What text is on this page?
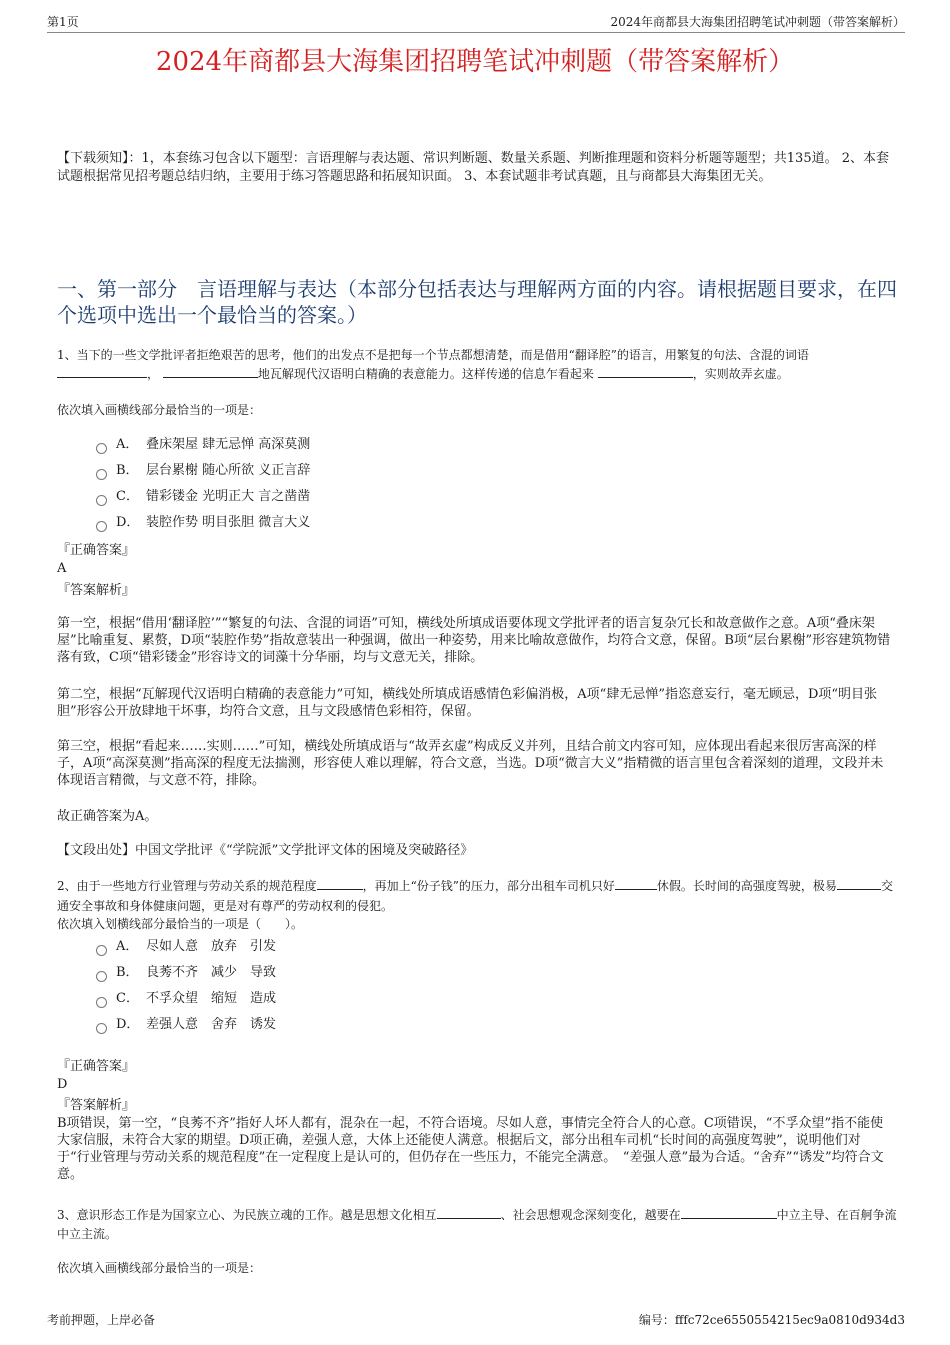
第1页	2024年商都县大海集团招聘笔试冲刺题（带答案解析）
2024年商都县大海集团招聘笔试冲刺题（带答案解析）
【下载须知】：1，本套练习包含以下题型：言语理解与表达题、常识判断题、数量关系题、判断推理题和资料分析题等题型；共135道。 2、本套试题根据常见招考题总结归纳，主要用于练习答题思路和拓展知识面。 3、本套试题非考试真题，且与商都县大海集团无关。
一、第一部分　言语理解与表达（本部分包括表达与理解两方面的内容。请根据题目要求，在四个选项中选出一个最恰当的答案。）
1、当下的一些文学批评者拒绝艰苦的思考，他们的出发点不是把每一个节点都想清楚，而是借用“翻译腔”的语言，用繁复的句法、含混的词语 ，	地瓦解现代汉语明白精确的表意能力。这样传递的信息乍看起来	，实则故弄玄虚。
依次填入画横线部分最恰当的一项是：
A． 叠床架屋 肆无忌惮 高深莫测
B． 层台累榭 随心所欲 义正言辞
C． 错彩镂金 光明正大 言之凿凿
D． 装腔作势 明目张胆 微言大义
『正确答案』
A
『答案解析』
第一空，根据“借用‘翻译腔’”“繁复的句法、含混的词语”可知，横线处所填成语要体现文学批评者的语言复杂冗长和故意做作之意。A项“叠床架屋”比喻重复、累赘，D项“装腔作势”指故意装出一种强调，做出一种姿势，用来比喻故意做作，均符合文意，保留。B项“层台累榭”形容建筑物错落有致，C项“错彩镂金”形容诗文的词藻十分华丽，均与文意无关，排除。
第二空，根据“瓦解现代汉语明白精确的表意能力”可知，横线处所填成语感情色彩偏消极，A项“肆无忌惮”指恣意妄行，毫无顾忌，D项“明目张胆”形容公开放肆地干坏事，均符合文意，且与文段感情色彩相符，保留。
第三空，根据“看起来……实则……”可知，横线处所填成语与“故弄玄虚”构成反义并列，且结合前文内容可知，应体现出看起来很厉害高深的样子，A项“高深莫测”指高深的程度无法揣测，形容使人难以理解，符合文意，当选。D项“微言大义”指精微的语言里包含着深刻的道理，文段并未体现语言精微，与文意不符，排除。
故正确答案为A。
【文段出处】中国文学批评《“学院派”文学批评文体的困境及突破路径》
2、由于一些地方行业管理与劳动关系的规范程度	，再加上“份子钱”的压力，部分出租车司机只好	休假。长时间的高强度驾驶，极易	交通安全事故和身体健康问题，更是对有尊严的劳动权利的侵犯。
依次填入划横线部分最恰当的一项是（　　）。
A． 尽如人意　放弃　引发
B． 良莠不齐　减少　导致
C． 不孚众望　缩短　造成
D． 差强人意　舍弃　诱发
『正确答案』
D
『答案解析』
B项错误，第一空，“良莠不齐”指好人坏人都有，混杂在一起，不符合语境。尽如人意，事情完全符合人的心意。C项错误，“不孚众望”指不能使大家信服，未符合大家的期望。D项正确，差强人意，大体上还能使人满意。根据后文，部分出租车司机“长时间的高强度驾驶”，说明他们对于“行业管理与劳动关系的规范程度”在一定程度上是认可的，但仍存在一些压力，不能完全满意。　“差强人意”最为合适。“舍弃”“诱发”均符合文意。
3、意识形态工作是为国家立心、为民族立魂的工作。越是思想文化相互	、社会思想观念深刻变化，越要在	中立主导、在百舸争流中立主流。
依次填入画横线部分最恰当的一项是：
考前押题，上岸必备	编号：fffc72ce6550554215ec9a0810d934d3
